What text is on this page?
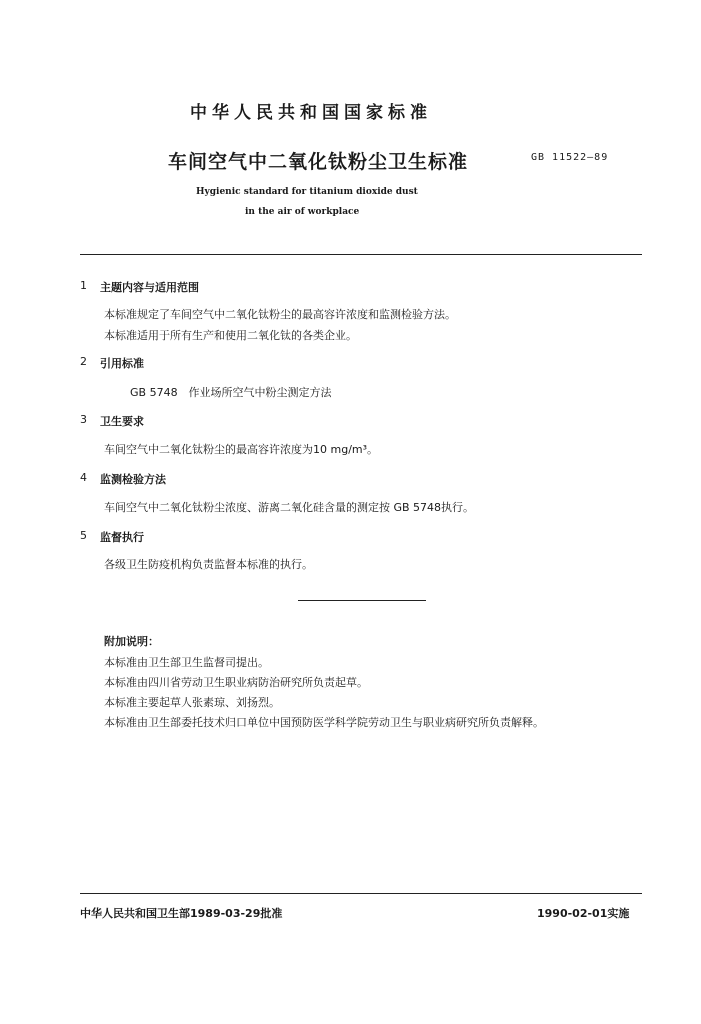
中华人民共和国国家标准
车间空气中二氧化钛粉尘卫生标准	GB 11522—89
Hygienic standard for titanium dioxide dust
in the air of workplace
1 主题内容与适用范围
本标准规定了车间空气中二氧化钛粉尘的最高容许浓度和监测检验方法。
本标准适用于所有生产和使用二氧化钛的各类企业。
2 引用标准
GB 5748　作业场所空气中粉尘测定方法
3 卫生要求
车间空气中二氧化钛粉尘的最高容许浓度为10 mg/m³。
4 监测检验方法
车间空气中二氧化钛粉尘浓度、游离二氧化硅含量的测定按 GB 5748执行。
5 监督执行
各级卫生防疫机构负责监督本标准的执行。
附加说明：
本标准由卫生部卫生监督司提出。
本标准由四川省劳动卫生职业病防治研究所负责起草。
本标准主要起草人张素琼、刘扬烈。
本标准由卫生部委托技术归口单位中国预防医学科学院劳动卫生与职业病研究所负责解释。
中华人民共和国卫生部1989-03-29批准	1990-02-01实施
